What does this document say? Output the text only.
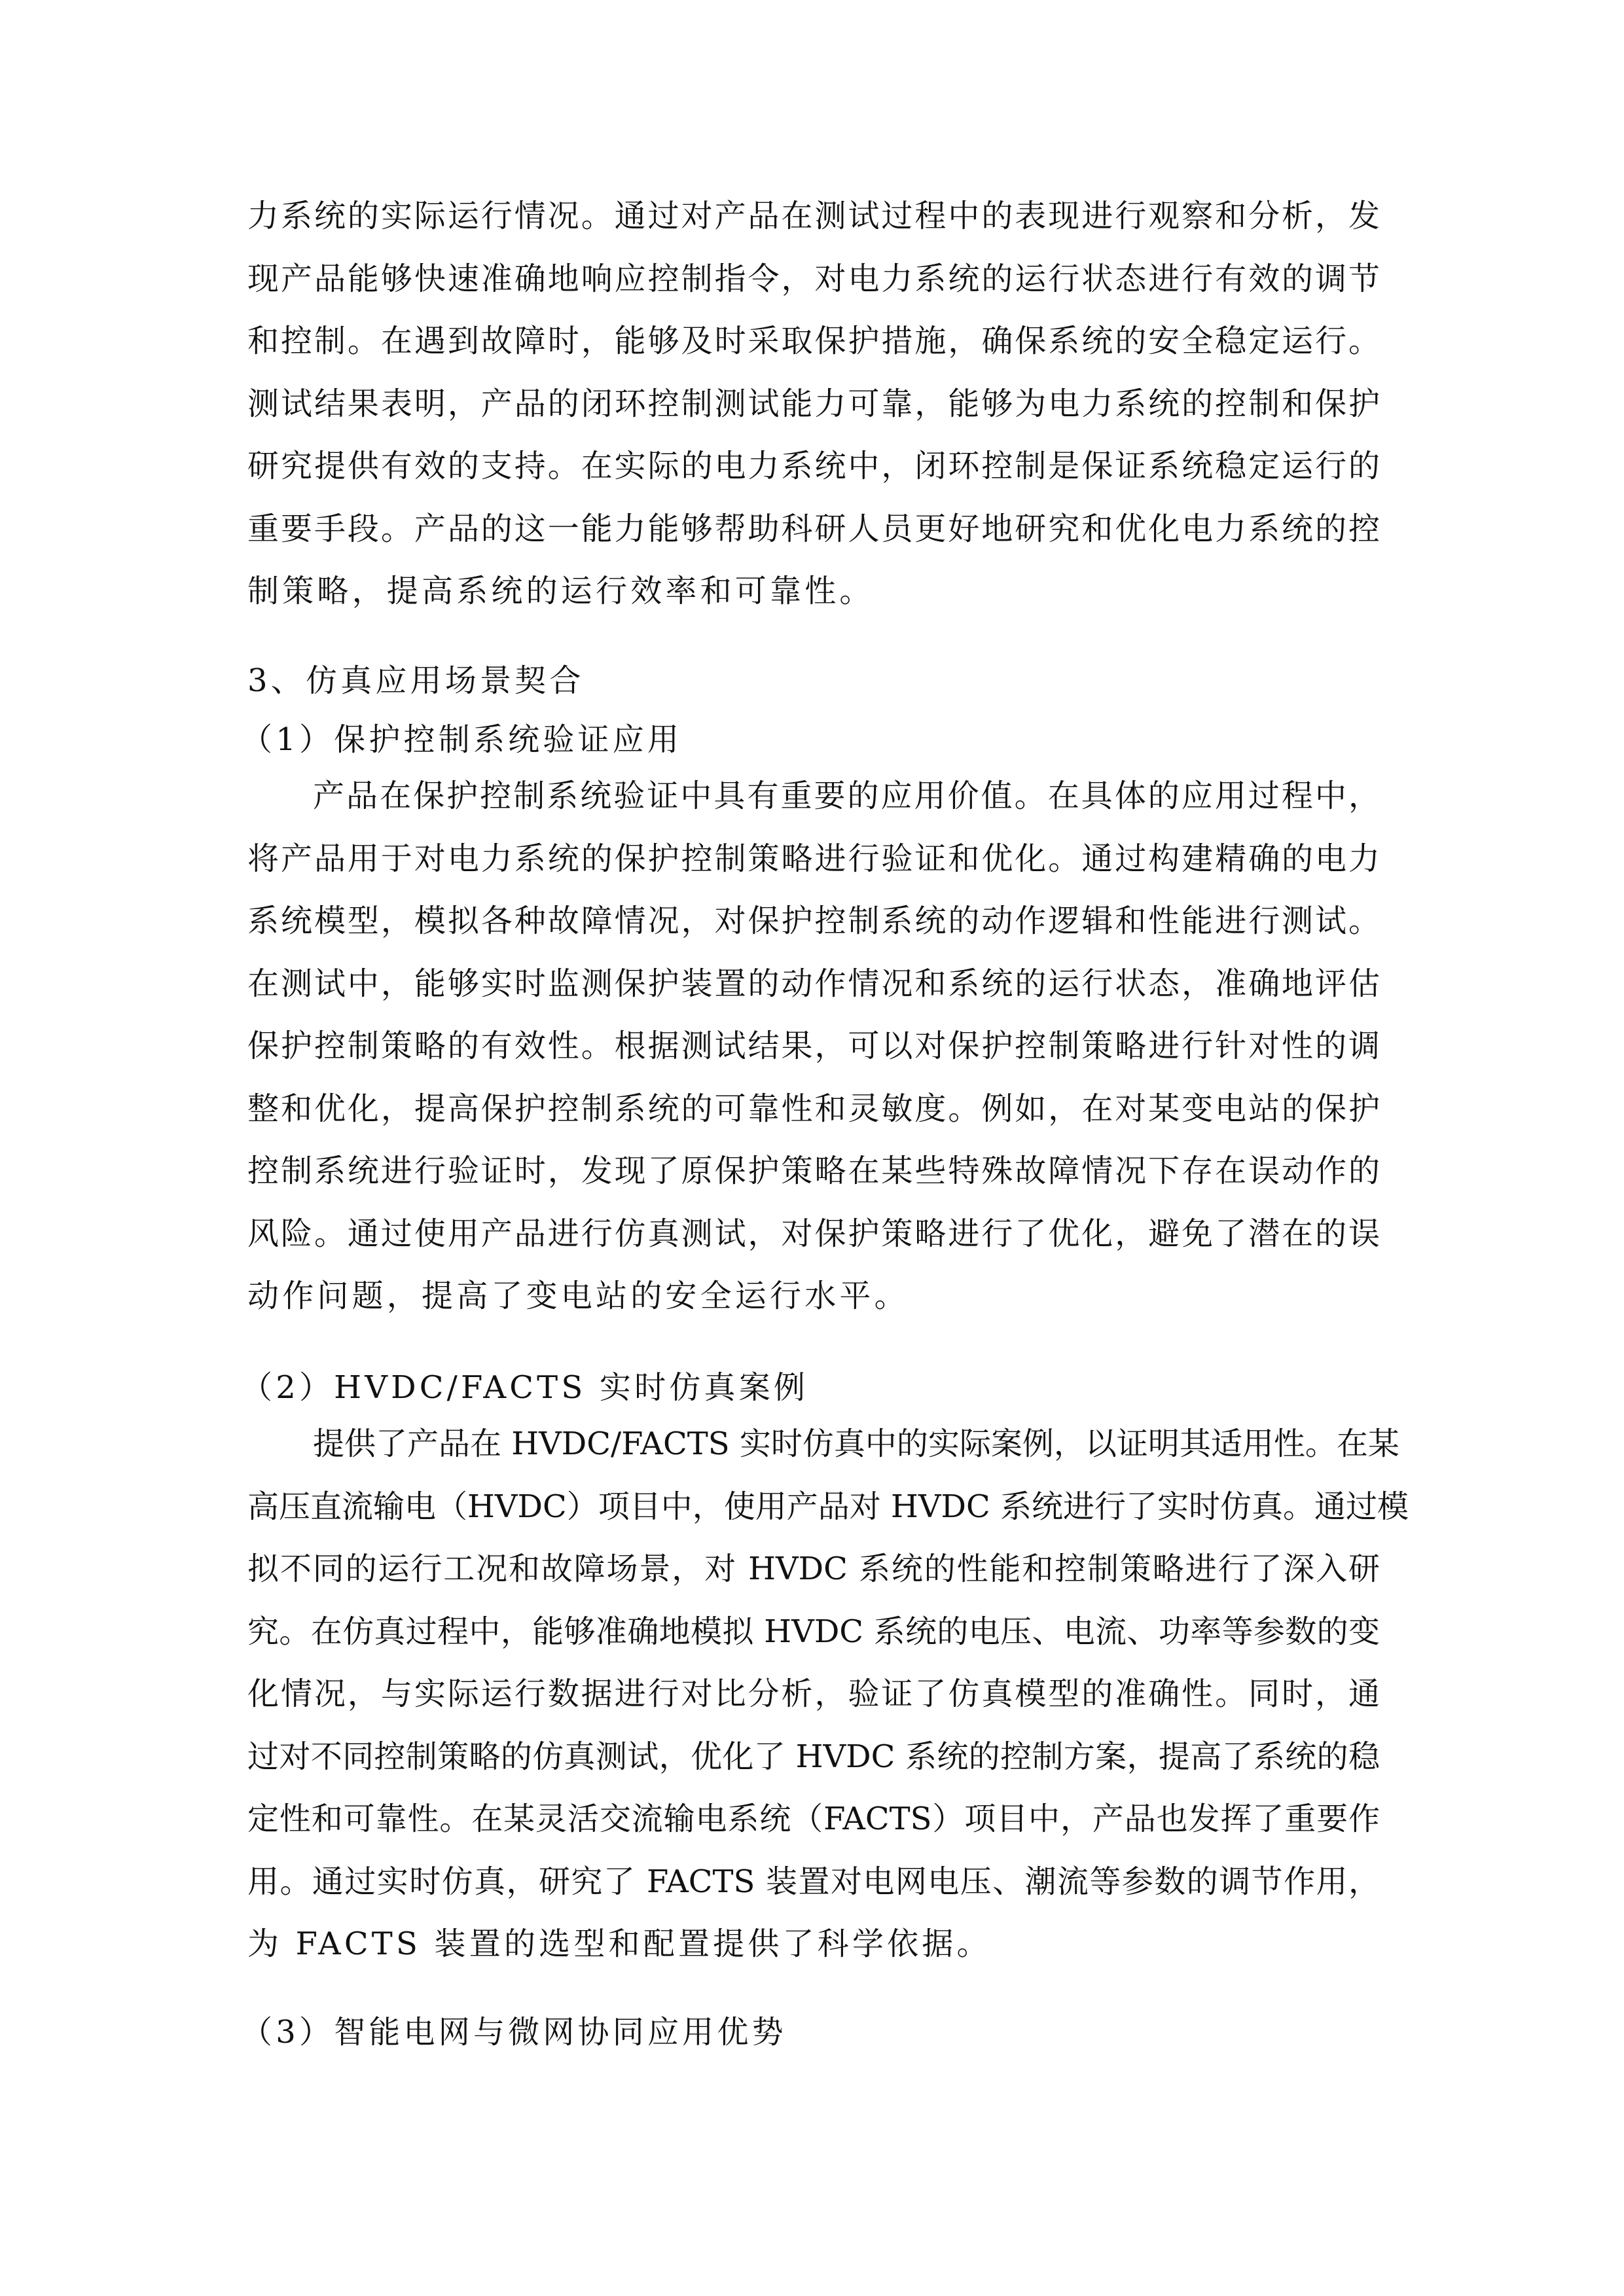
力系统的实际运行情况。通过对产品在测试过程中的表现进行观察和分析，发
现产品能够快速准确地响应控制指令，对电力系统的运行状态进行有效的调节
和控制。在遇到故障时，能够及时采取保护措施，确保系统的安全稳定运行。
测试结果表明，产品的闭环控制测试能力可靠，能够为电力系统的控制和保护
研究提供有效的支持。在实际的电力系统中，闭环控制是保证系统稳定运行的
重要手段。产品的这一能力能够帮助科研人员更好地研究和优化电力系统的控
制策略，提高系统的运行效率和可靠性。
3、仿真应用场景契合
（1）保护控制系统验证应用
产品在保护控制系统验证中具有重要的应用价值。在具体的应用过程中，
将产品用于对电力系统的保护控制策略进行验证和优化。通过构建精确的电力
系统模型，模拟各种故障情况，对保护控制系统的动作逻辑和性能进行测试。
在测试中，能够实时监测保护装置的动作情况和系统的运行状态，准确地评估
保护控制策略的有效性。根据测试结果，可以对保护控制策略进行针对性的调
整和优化，提高保护控制系统的可靠性和灵敏度。例如，在对某变电站的保护
控制系统进行验证时，发现了原保护策略在某些特殊故障情况下存在误动作的
风险。通过使用产品进行仿真测试，对保护策略进行了优化，避免了潜在的误
动作问题，提高了变电站的安全运行水平。
（2）HVDC/FACTS 实时仿真案例
提供了产品在 HVDC/FACTS 实时仿真中的实际案例，以证明其适用性。在某
高压直流输电（HVDC）项目中，使用产品对 HVDC 系统进行了实时仿真。通过模
拟不同的运行工况和故障场景，对 HVDC 系统的性能和控制策略进行了深入研
究。在仿真过程中，能够准确地模拟 HVDC 系统的电压、电流、功率等参数的变
化情况，与实际运行数据进行对比分析，验证了仿真模型的准确性。同时，通
过对不同控制策略的仿真测试，优化了 HVDC 系统的控制方案，提高了系统的稳
定性和可靠性。在某灵活交流输电系统（FACTS）项目中，产品也发挥了重要作
用。通过实时仿真，研究了 FACTS 装置对电网电压、潮流等参数的调节作用，
为 FACTS 装置的选型和配置提供了科学依据。
（3）智能电网与微网协同应用优势
